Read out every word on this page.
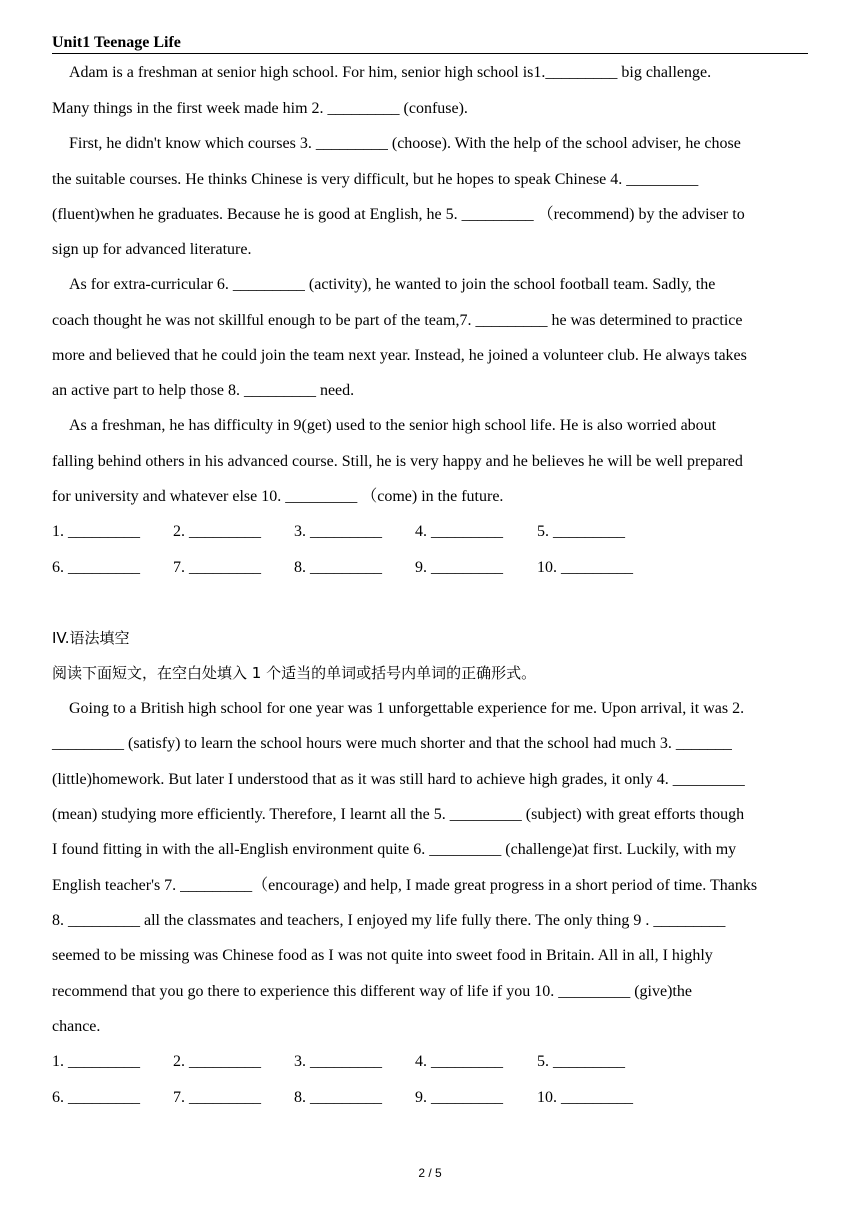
Unit1 Teenage Life
Adam is a freshman at senior high school. For him, senior high school is1._________ big challenge.
Many things in the first week made him 2. _________ (confuse).
First, he didn't know which courses 3. _________ (choose). With the help of the school adviser, he chose
the suitable courses. He thinks Chinese is very difficult, but he hopes to speak Chinese 4. _________
(fluent)when he graduates. Because he is good at English, he 5. _________ （recommend) by the adviser to
sign up for advanced literature.
As for extra-curricular 6. _________ (activity), he wanted to join the school football team. Sadly, the
coach thought he was not skillful enough to be part of the team,7. _________ he was determined to practice
more and believed that he could join the team next year. Instead, he joined a volunteer club. He always takes
an active part to help those 8. _________ need.
As a freshman, he has difficulty in 9(get) used to the senior high school life. He is also worried about
falling behind others in his advanced course. Still, he is very happy and he believes he will be well prepared
for university and whatever else 10. _________ （come) in the future.
1. _________ 2. _________ 3. _________ 4. _________ 5. _________
6. _________ 7. _________ 8. _________ 9. _________ 10. _________
IV.语法填空
阅读下面短文，在空白处填入 1 个适当的单词或括号内单词的正确形式。
Going to a British high school for one year was 1 unforgettable experience for me. Upon arrival, it was 2.
_________ (satisfy) to learn the school hours were much shorter and that the school had much 3. _______
(little)homework. But later I understood that as it was still hard to achieve high grades, it only 4. _________
(mean) studying more efficiently. Therefore, I learnt all the 5. _________ (subject) with great efforts though
I found fitting in with the all-English environment quite 6. _________ (challenge)at first. Luckily, with my
English teacher's 7. _________（encourage) and help, I made great progress in a short period of time. Thanks
8. _________ all the classmates and teachers, I enjoyed my life fully there. The only thing 9 . _________
seemed to be missing was Chinese food as I was not quite into sweet food in Britain. All in all, I highly
recommend that you go there to experience this different way of life if you 10. _________ (give)the
chance.
1. _________ 2. _________ 3. _________ 4. _________ 5. _________
6. _________ 7. _________ 8. _________ 9. _________ 10. _________
2 / 5
